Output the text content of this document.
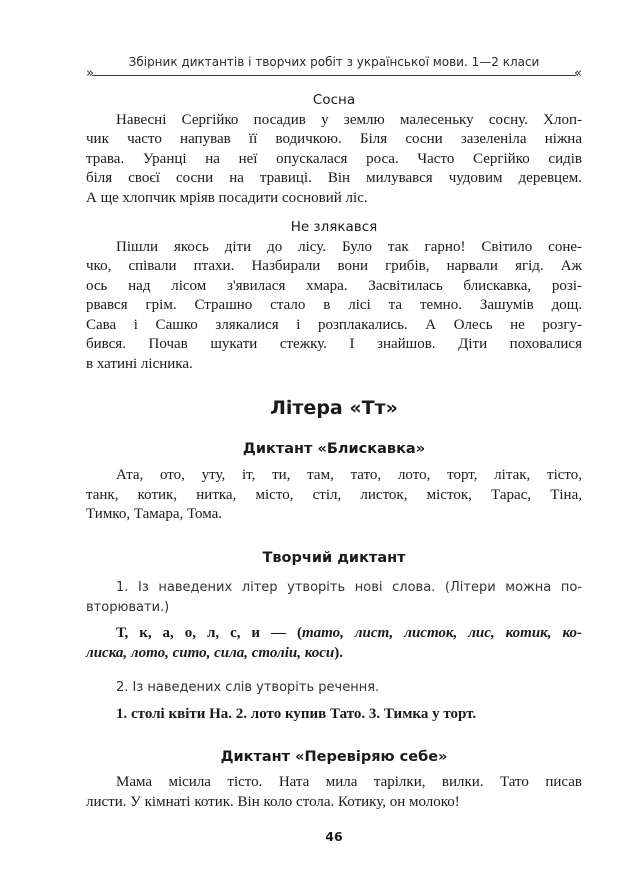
Збірник диктантів і творчих робіт з української мови. 1—2 класи
»	«

Сосна

Навесні Сергійко посадив у землю малесеньку сосну. Хлоп-
чик часто напував її водичкою. Біля сосни зазеленіла ніжна
трава. Уранці на неї опускалася роса. Часто Сергійко сидів
біля своєї сосни на травиці. Він милувався чудовим деревцем.
А ще хлопчик мріяв посадити сосновий ліс.

Не злякався

Пішли якось діти до лісу. Було так гарно! Світило соне-
чко, співали птахи. Назбирали вони грибів, нарвали ягід. Аж
ось над лісом з'явилася хмара. Засвітилась блискавка, розі-
рвався грім. Страшно стало в лісі та темно. Зашумів дощ.
Сава і Сашко злякалися і розплакались. А Олесь не розгу-
бився. Почав шукати стежку. І знайшов. Діти поховалися
в хатині лісника.
Літера «Тт»
Диктант «Блискавка»
Ата, ото, уту, іт, ти, там, тато, лото, торт, літак, тісто,
танк, котик, нитка, місто, стіл, листок, місток, Тарас, Тіна,
Тимко, Тамара, Тома.
Творчий диктант
1. Із наведених літер утворіть нові слова. (Літери можна по-
вторювати.)
Т, к, а, о, л, с, и — (тато, лист, листок, лис, котик, ко-
лиска, лото, сито, сила, століи, коси).
2. Із наведених слів утворіть речення.
1. столі квіти На. 2. лото купив Тато. 3. Тимка у торт.
Диктант «Перевіряю себе»
Мама місила тісто. Ната мила тарілки, вилки. Тато писав
листи. У кімнаті котик. Він коло стола. Котику, он молоко!
46
